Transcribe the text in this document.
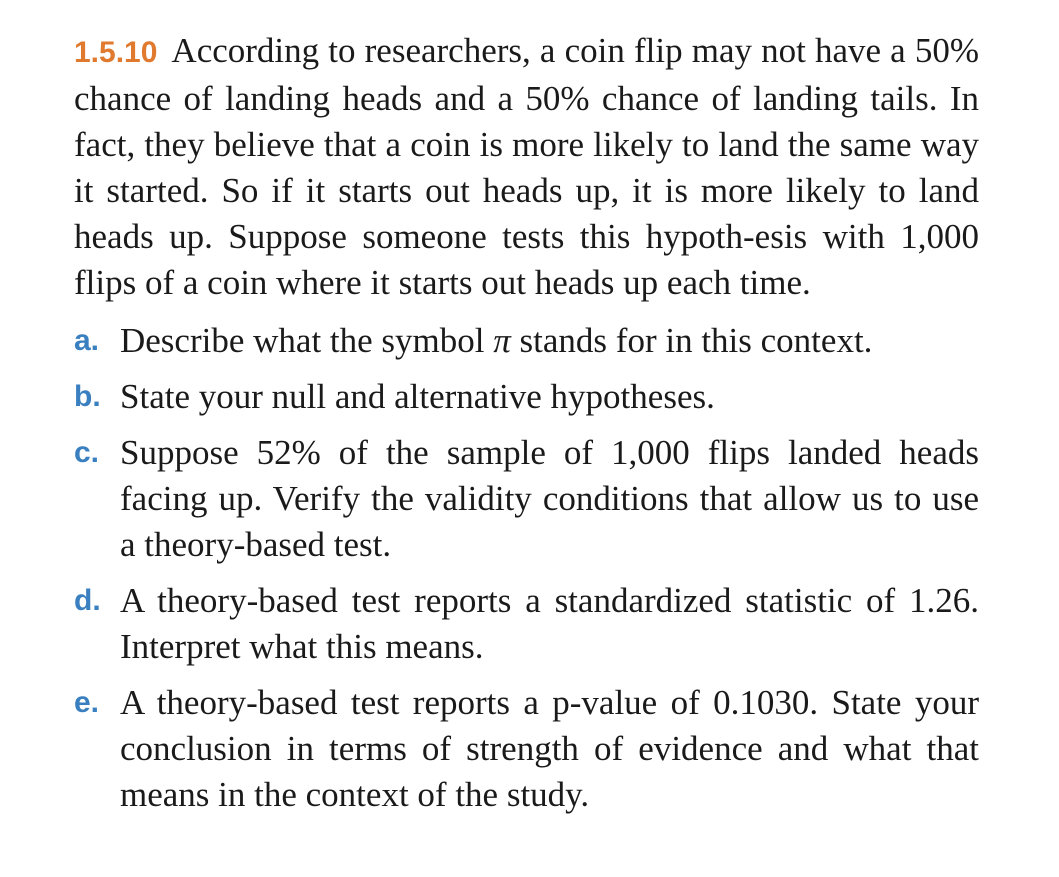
1.5.10 According to researchers, a coin flip may not have a 50% chance of landing heads and a 50% chance of landing tails. In fact, they believe that a coin is more likely to land the same way it started. So if it starts out heads up, it is more likely to land heads up. Suppose someone tests this hypoth-esis with 1,000 flips of a coin where it starts out heads up each time.

a. Describe what the symbol π stands for in this context.
b. State your null and alternative hypotheses.
c. Suppose 52% of the sample of 1,000 flips landed heads facing up. Verify the validity conditions that allow us to use a theory-based test.
d. A theory-based test reports a standardized statistic of 1.26. Interpret what this means.
e. A theory-based test reports a p-value of 0.1030. State your conclusion in terms of strength of evidence and what that means in the context of the study.
